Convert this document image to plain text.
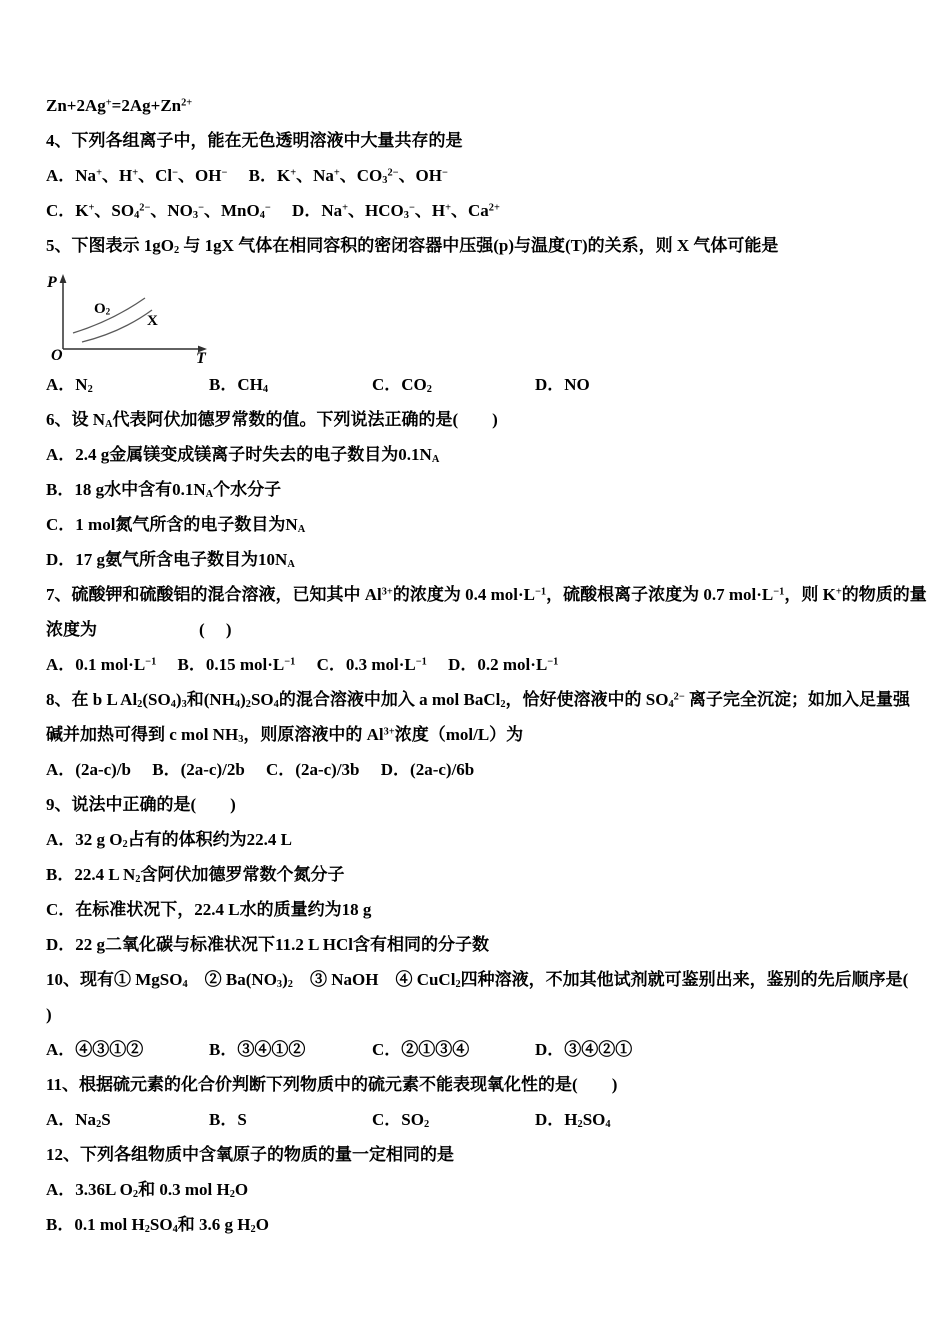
$Zn+2Ag^+=2Ag+Zn^{2+}$
4、下列各组离子中，能在无色透明溶液中大量共存的是
A．Na+、H+、Cl−、OH−　 B．K+、Na+、$CO_3^{2-}$、OH−
C．K+、$SO_4^{2-}$、$NO_3^-$、MnO$_4$−　 D．Na+、$HCO_3^-$、H+、$Ca^{2+}$
5、下图表示 $1gO_2$ 与 1gX 气体在相同容积的密闭容器中压强(p)与温度(T)的关系，则 X 气体可能是
P
O	T
$O_2$
X
A．$N_2$	B．$CH_4$	C．$CO_2$	D．NO
6、设 $N_A$代表阿伏加德罗常数的值。下列说法正确的是(　　)
A．2.4 g金属镁变成镁离子时失去的电子数目为$0.1N_A$
B．18 g水中含有$0.1N_A$个水分子
C．1 mol氮气所含的电子数目为$N_A$
D．17 g氨气所含电子数目为$10N_A$
7、硫酸钾和硫酸铝的混合溶液，已知其中 $Al^{3+}$的浓度为 0.4 $mol\cdot L^{-1}$，硫酸根离子浓度为 0.7 $mol\cdot L^{-1}$，则 K+的物质的量
浓度为　　　　　　(　 )
A．0.1 $mol\cdot L^{-1}$　 B．0.15 $mol\cdot L^{-1}$　 C．0.3 $mol\cdot L^{-1}$　 D．0.2 $mol\cdot L^{-1}$
8、在 b L $Al_2(SO_4)_3$和$(NH_4)_2SO_4$的混合溶液中加入 a mol BaCl$_2$，恰好使溶液中的 $SO_4^{2-}$ 离子完全沉淀；如加入足量强
碱并加热可得到 c mol $NH_3$，则原溶液中的 $Al^{3+}$浓度（mol/L）为
A．(2a-c)/b　 B．(2a-c)/2b　 C．(2a-c)/3b　 D．(2a-c)/6b
9、说法中正确的是(　　)
A．32 g $O_2$占有的体积约为22.4 L
B．22.4 L $N_2$含阿伏加德罗常数个氮分子
C．在标准状况下，22.4 L水的质量约为18 g
D．22 g二氧化碳与标准状况下11.2 L HCl含有相同的分子数
10、现有① MgSO$_4$　② $Ba(NO_3)_2$　③ NaOH　④ CuCl$_2$四种溶液，不加其他试剂就可鉴别出来，鉴别的先后顺序是(
)
A．④③①②	B．③④①②	C．②①③④	D．③④②①
11、根据硫元素的化合价判断下列物质中的硫元素不能表现氧化性的是(　　)
A．$Na_2S$	B．S	C．$SO_2$	D．$H_2SO_4$
12、下列各组物质中含氧原子的物质的量一定相同的是
A．3.36L $O_2$和 0.3 mol $H_2O$
B．0.1 mol $H_2SO_4$和 3.6 g $H_2O$
